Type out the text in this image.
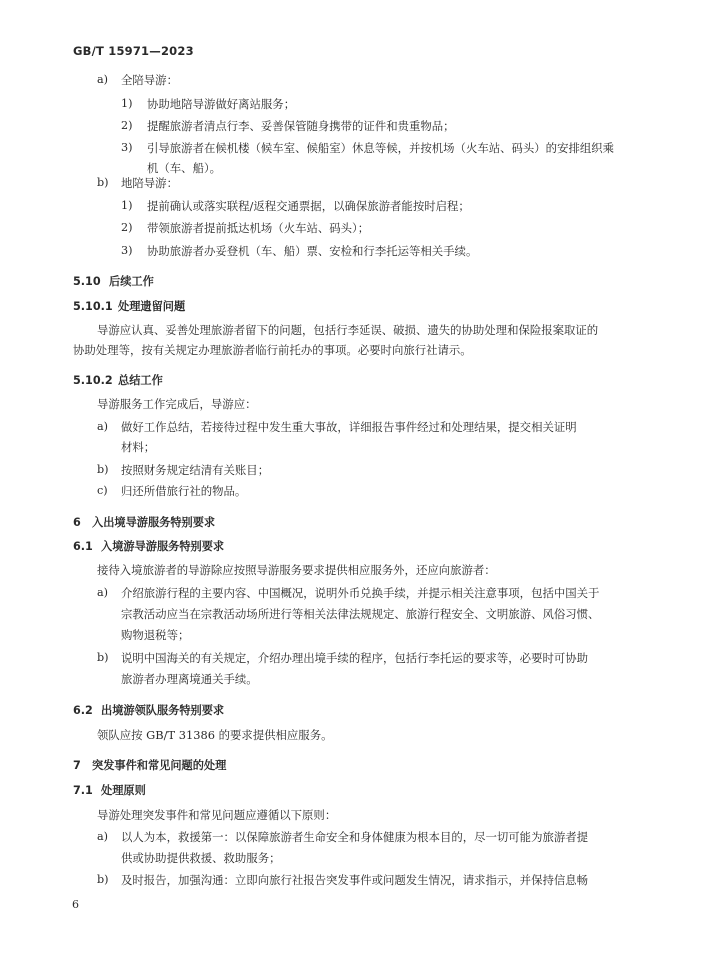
GB/T 15971—2023
a) 全陪导游：
1) 协助地陪导游做好离站服务；
2) 提醒旅游者清点行李、妥善保管随身携带的证件和贵重物品；
3) 引导旅游者在候机楼（候车室、候船室）休息等候，并按机场（火车站、码头）的安排组织乘
机（车、船）。
b) 地陪导游：
1) 提前确认或落实联程/返程交通票据，以确保旅游者能按时启程；
2) 带领旅游者提前抵达机场（火车站、码头）；
3) 协助旅游者办妥登机（车、船）票、安检和行李托运等相关手续。
5.10 后续工作
5.10.1 处理遗留问题
导游应认真、妥善处理旅游者留下的问题，包括行李延误、破损、遗失的协助处理和保险报案取证的
协助处理等，按有关规定办理旅游者临行前托办的事项。必要时向旅行社请示。
5.10.2 总结工作
导游服务工作完成后，导游应：
a) 做好工作总结，若接待过程中发生重大事故，详细报告事件经过和处理结果，提交相关证明
材料；
b) 按照财务规定结清有关账目；
c) 归还所借旅行社的物品。
6 入出境导游服务特别要求
6.1 入境游导游服务特别要求
接待入境旅游者的导游除应按照导游服务要求提供相应服务外，还应向旅游者：
a) 介绍旅游行程的主要内容、中国概况，说明外币兑换手续，并提示相关注意事项，包括中国关于
宗教活动应当在宗教活动场所进行等相关法律法规规定、旅游行程安全、文明旅游、风俗习惯、
购物退税等；
b) 说明中国海关的有关规定，介绍办理出境手续的程序，包括行李托运的要求等，必要时可协助
旅游者办理离境通关手续。
6.2 出境游领队服务特别要求
领队应按 GB/T 31386 的要求提供相应服务。
7 突发事件和常见问题的处理
7.1 处理原则
导游处理突发事件和常见问题应遵循以下原则：
a) 以人为本，救援第一：以保障旅游者生命安全和身体健康为根本目的，尽一切可能为旅游者提
供或协助提供救援、救助服务；
b) 及时报告，加强沟通：立即向旅行社报告突发事件或问题发生情况，请求指示，并保持信息畅
6
